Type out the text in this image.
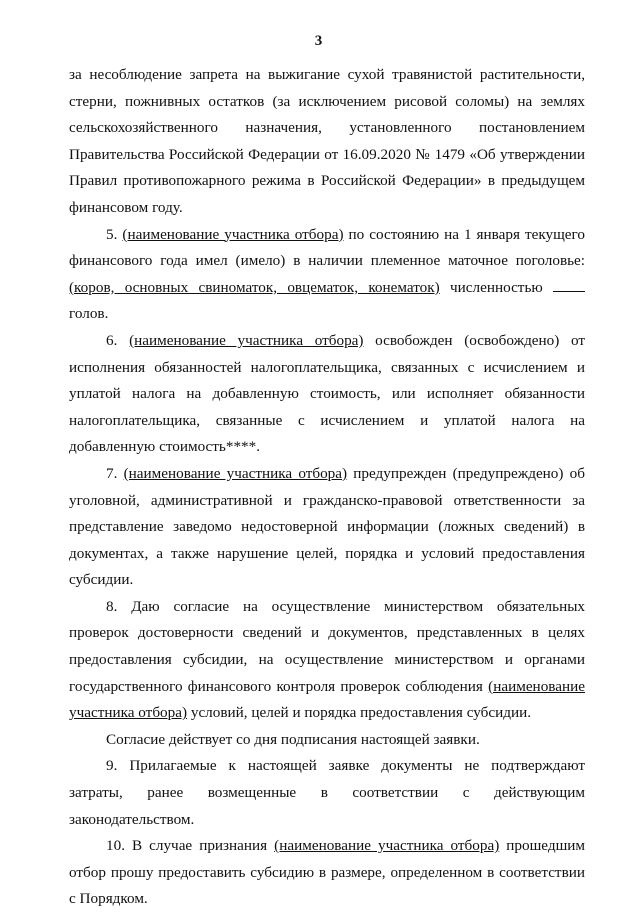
3

за несоблюдение запрета на выжигание сухой травянистой растительности, стерни, пожнивных остатков (за исключением рисовой соломы) на землях сельскохозяйственного назначения, установленного постановлением Правительства Российской Федерации от 16.09.2020 № 1479 «Об утверждении Правил противопожарного режима в Российской Федерации» в предыдущем финансовом году.

5. (наименование участника отбора) по состоянию на 1 января текущего финансового года имел (имело) в наличии племенное маточное поголовье: (коров, основных свиноматок, овцематок, конематок) численностью  голов.

6. (наименование участника отбора) освобожден (освобождено) от исполнения обязанностей налогоплательщика, связанных с исчислением и уплатой налога на добавленную стоимость, или исполняет обязанности налогоплательщика, связанные с исчислением и уплатой налога на добавленную стоимость****.

7. (наименование участника отбора) предупрежден (предупреждено) об уголовной, административной и гражданско-правовой ответственности за представление заведомо недостоверной информации (ложных сведений) в документах, а также нарушение целей, порядка и условий предоставления субсидии.

8. Даю согласие на осуществление министерством обязательных проверок достоверности сведений и документов, представленных в целях предоставления субсидии, на осуществление министерством и органами государственного финансового контроля проверок соблюдения (наименование участника отбора) условий, целей и порядка предоставления субсидии.

Согласие действует со дня подписания настоящей заявки.

9. Прилагаемые к настоящей заявке документы не подтверждают затраты, ранее возмещенные в соответствии с действующим законодательством.

10. В случае признания (наименование участника отбора) прошедшим отбор прошу предоставить субсидию в размере, определенном в соответствии с Порядком.
